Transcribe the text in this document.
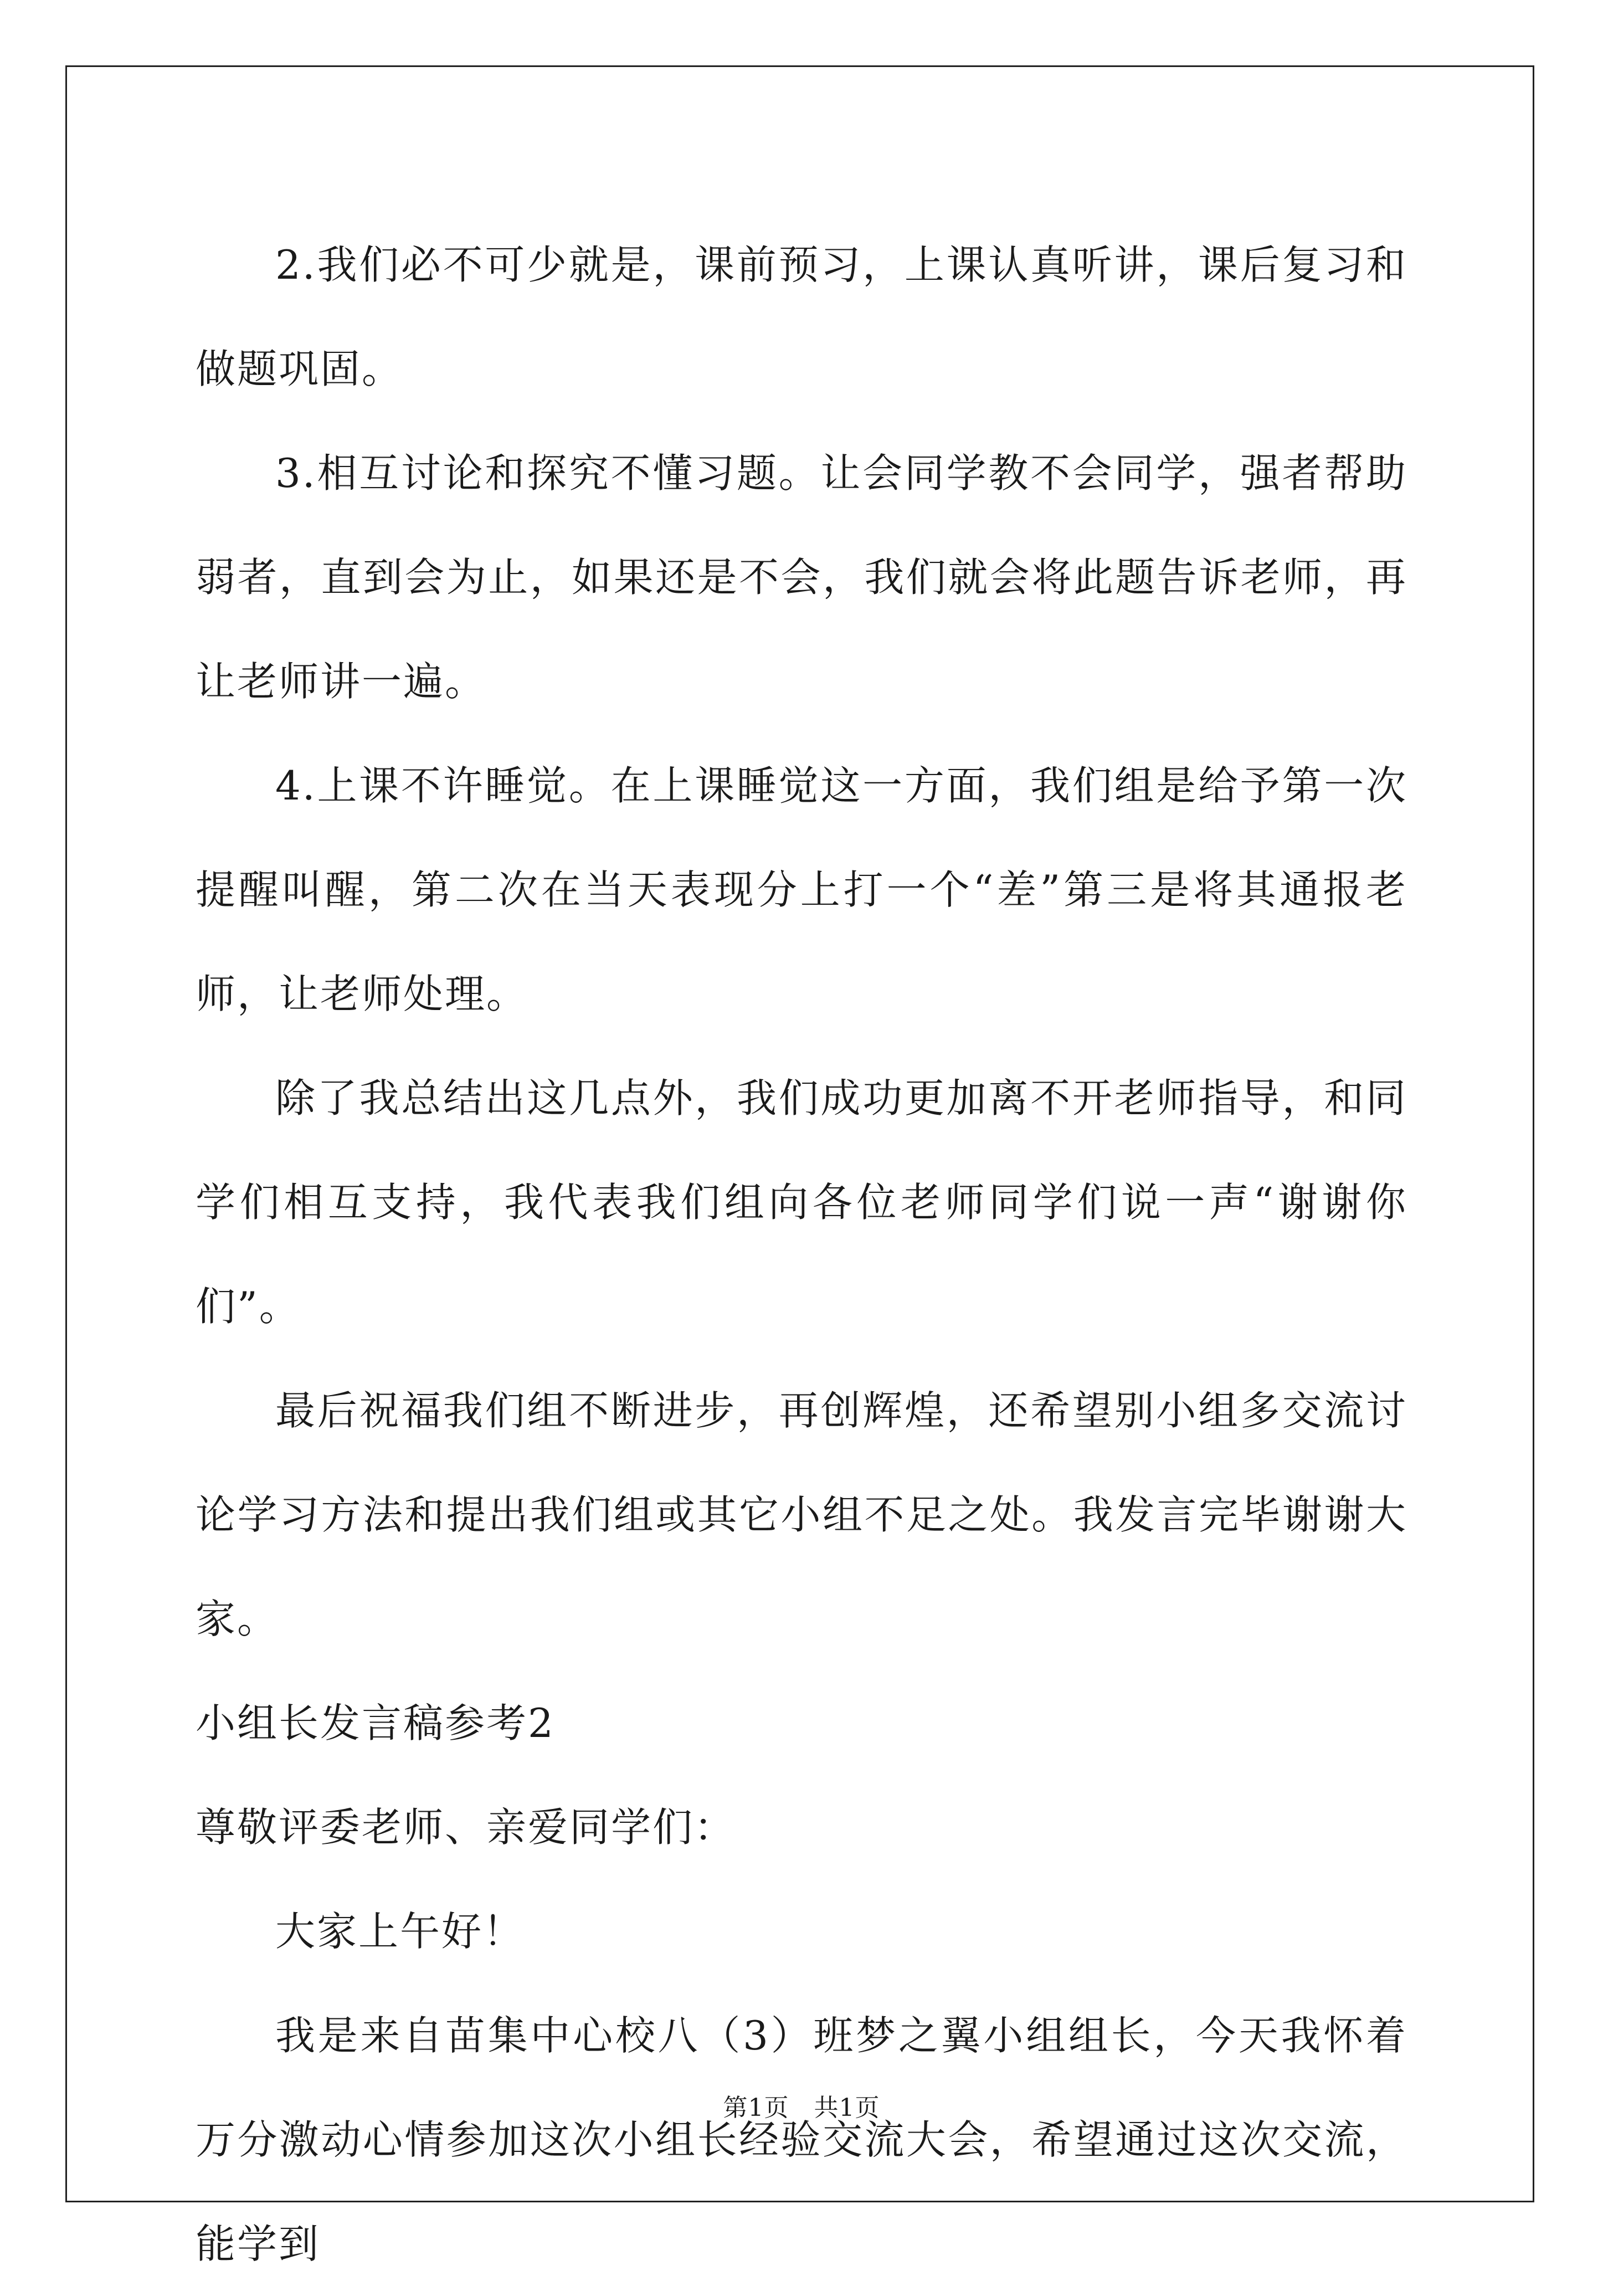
2.我们必不可少就是，课前预习，上课认真听讲，课后复习和做题巩固。

3.相互讨论和探究不懂习题。让会同学教不会同学，强者帮助弱者，直到会为止，如果还是不会，我们就会将此题告诉老师，再让老师讲一遍。

4.上课不许睡觉。在上课睡觉这一方面，我们组是给予第一次提醒叫醒，第二次在当天表现分上打一个“差”第三是将其通报老师，让老师处理。

除了我总结出这几点外，我们成功更加离不开老师指导，和同学们相互支持，我代表我们组向各位老师同学们说一声“谢谢你们”。

最后祝福我们组不断进步，再创辉煌，还希望别小组多交流讨论学习方法和提出我们组或其它小组不足之处。我发言完毕谢谢大家。

小组长发言稿参考2

尊敬评委老师、亲爱同学们：

大家上午好！

我是来自苗集中心校八（3）班梦之翼小组组长，今天我怀着万分激动心情参加这次小组长经验交流大会，希望通过这次交流，能学到

第1页　共1页
